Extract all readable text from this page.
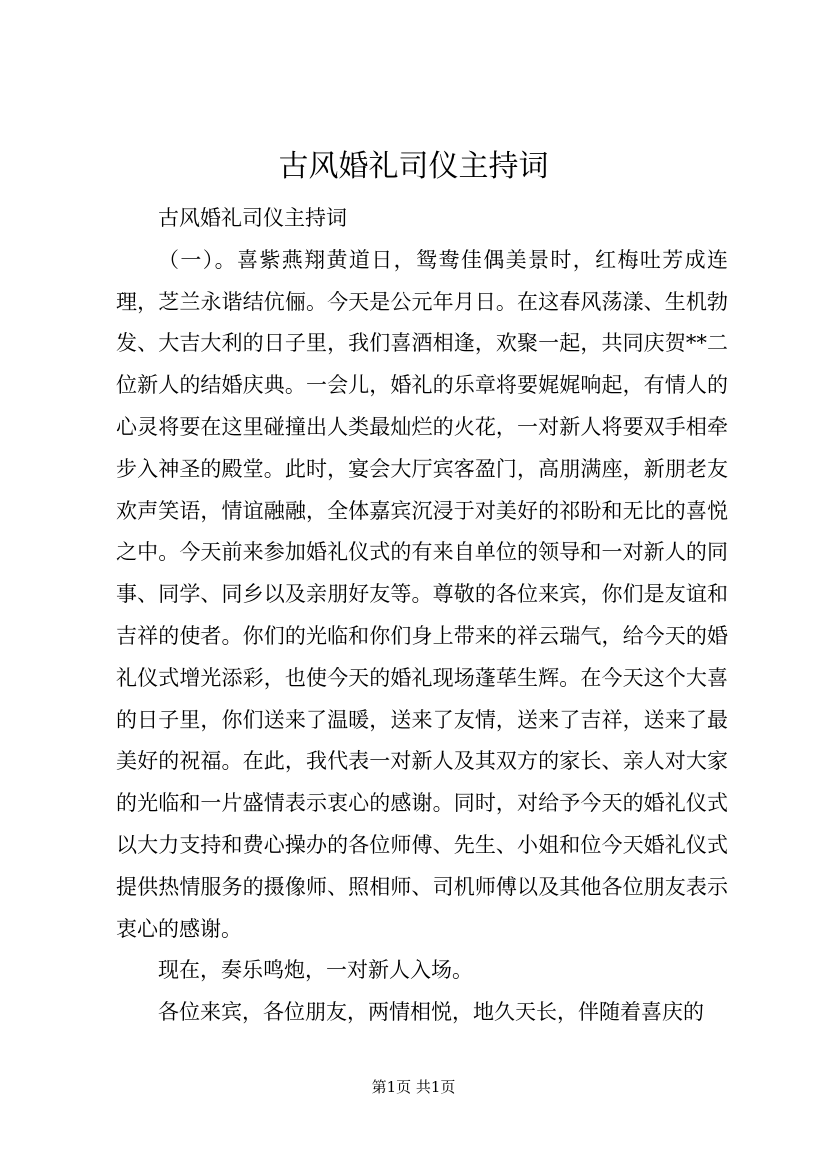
古风婚礼司仪主持词

古风婚礼司仪主持词

（一）。喜紫燕翔黄道日，鸳鸯佳偶美景时，红梅吐芳成连理，芝兰永谐结伉俪。今天是公元年月日。在这春风荡漾、生机勃发、大吉大利的日子里，我们喜酒相逢，欢聚一起，共同庆贺**二位新人的结婚庆典。一会儿，婚礼的乐章将要娓娓响起，有情人的心灵将要在这里碰撞出人类最灿烂的火花，一对新人将要双手相牵步入神圣的殿堂。此时，宴会大厅宾客盈门，高朋满座，新朋老友欢声笑语，情谊融融，全体嘉宾沉浸于对美好的祁盼和无比的喜悦之中。今天前来参加婚礼仪式的有来自单位的领导和一对新人的同事、同学、同乡以及亲朋好友等。尊敬的各位来宾，你们是友谊和吉祥的使者。你们的光临和你们身上带来的祥云瑞气，给今天的婚礼仪式增光添彩，也使今天的婚礼现场蓬荜生辉。在今天这个大喜的日子里，你们送来了温暖，送来了友情，送来了吉祥，送来了最美好的祝福。在此，我代表一对新人及其双方的家长、亲人对大家的光临和一片盛情表示衷心的感谢。同时，对给予今天的婚礼仪式以大力支持和费心操办的各位师傅、先生、小姐和位今天婚礼仪式提供热情服务的摄像师、照相师、司机师傅以及其他各位朋友表示衷心的感谢。

现在，奏乐鸣炮，一对新人入场。

各位来宾，各位朋友，两情相悦，地久天长，伴随着喜庆的

第1页 共1页
